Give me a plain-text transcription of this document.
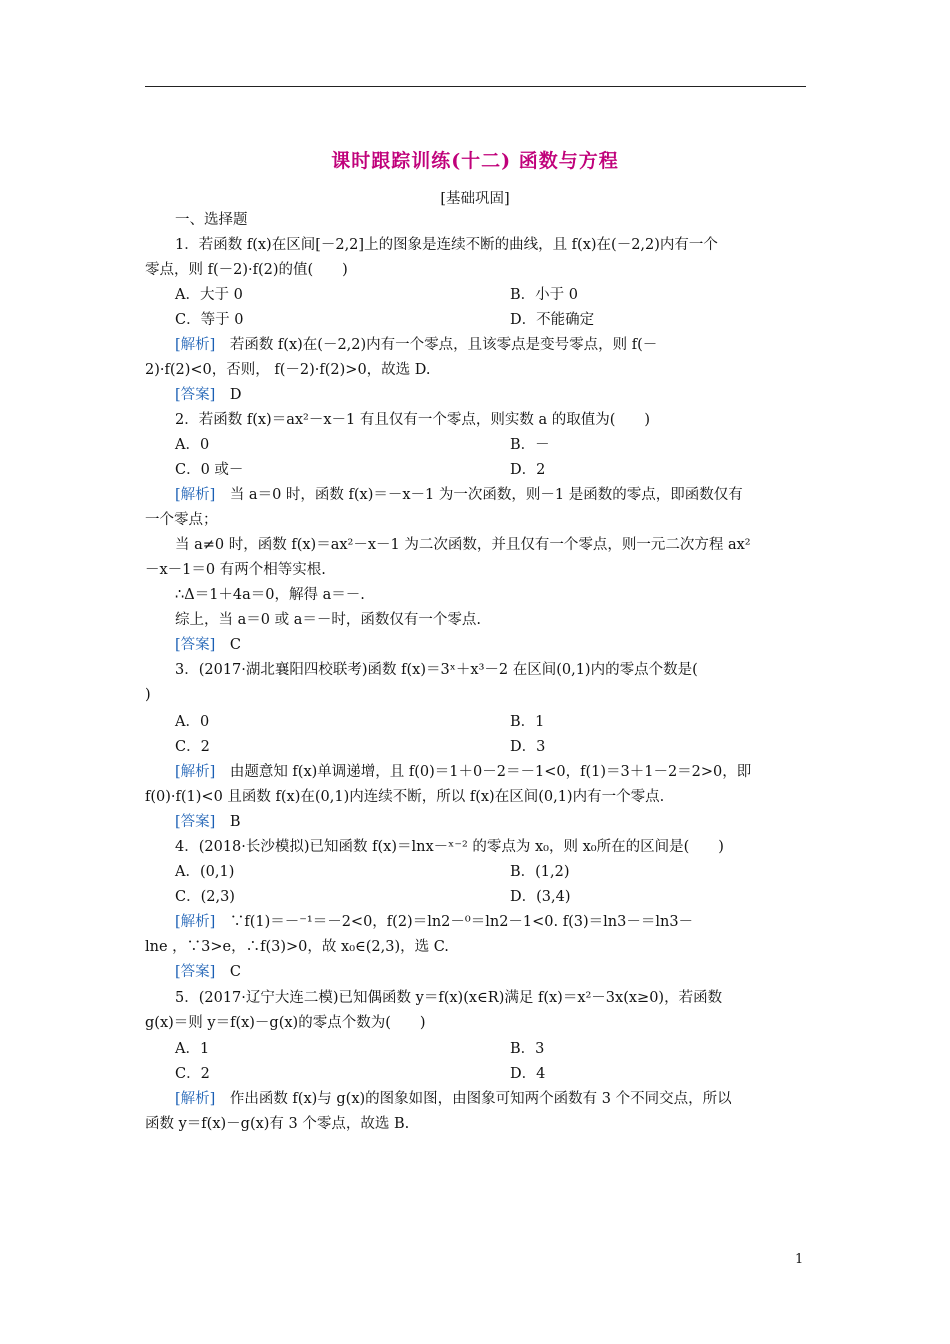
课时跟踪训练(十二) 函数与方程
[基础巩固]
一、选择题
1．若函数 f(x)在区间[－2,2]上的图象是连续不断的曲线，且 f(x)在(－2,2)内有一个
零点，则 f(－2)·f(2)的值(　　)
A．大于 0	B．小于 0
C．等于 0	D．不能确定
[解析]　若函数 f(x)在(－2,2)内有一个零点，且该零点是变号零点，则 f(－
2)·f(2)<0，否则， f(－2)·f(2)>0，故选 D.
[答案]　D
2．若函数 f(x)＝ax²－x－1 有且仅有一个零点，则实数 a 的取值为(　　)
A．0	B．－
C．0 或－	D．2
[解析]　当 a＝0 时，函数 f(x)＝－x－1 为一次函数，则－1 是函数的零点，即函数仅有
一个零点；
当 a≠0 时，函数 f(x)＝ax²－x－1 为二次函数，并且仅有一个零点，则一元二次方程 ax²
－x－1＝0 有两个相等实根.
∴Δ＝1＋4a＝0，解得 a＝－.
综上，当 a＝0 或 a＝－时，函数仅有一个零点.
[答案]　C
3．(2017·湖北襄阳四校联考)函数 f(x)＝3ˣ＋x³－2 在区间(0,1)内的零点个数是(
)
A．0	B．1
C．2	D．3
[解析]　由题意知 f(x)单调递增，且 f(0)＝1＋0－2＝－1<0，f(1)＝3＋1－2＝2>0，即
f(0)·f(1)<0 且函数 f(x)在(0,1)内连续不断，所以 f(x)在区间(0,1)内有一个零点.
[答案]　B
4．(2018·长沙模拟)已知函数 f(x)＝lnx－ˣ⁻² 的零点为 x₀，则 x₀所在的区间是(　　)
A．(0,1)	B．(1,2)
C．(2,3)	D．(3,4)
[解析]　∵f(1)＝－⁻¹＝－2<0，f(2)＝ln2－⁰＝ln2－1<0. f(3)＝ln3－＝ln3－
lne ，∵3>e，∴f(3)>0，故 x₀∈(2,3)，选 C.
[答案]　C
5．(2017·辽宁大连二模)已知偶函数 y＝f(x)(x∈R)满足 f(x)＝x²－3x(x≥0)，若函数
g(x)＝则 y＝f(x)－g(x)的零点个数为(　　)
A．1	B．3
C．2	D．4
[解析]　作出函数 f(x)与 g(x)的图象如图，由图象可知两个函数有 3 个不同交点，所以
函数 y＝f(x)－g(x)有 3 个零点，故选 B.
1
